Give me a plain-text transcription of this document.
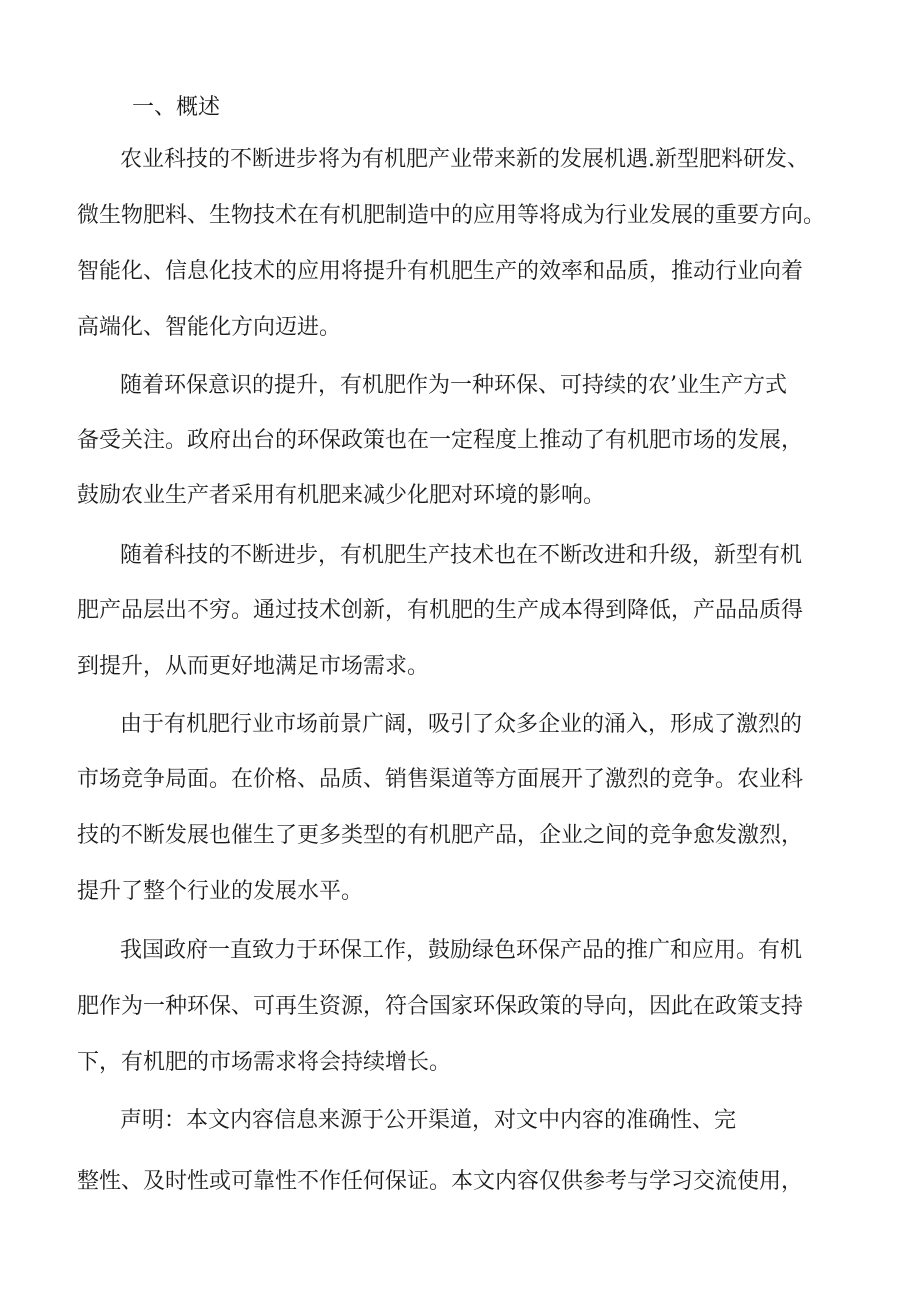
一、概述
农业科技的不断进步将为有机肥产业带来新的发展机遇.新型肥料研发、
微生物肥料、生物技术在有机肥制造中的应用等将成为行业发展的重要方向。
智能化、信息化技术的应用将提升有机肥生产的效率和品质，推动行业向着
高端化、智能化方向迈进。
随着环保意识的提升，有机肥作为一种环保、可持续的农’业生产方式
备受关注。政府出台的环保政策也在一定程度上推动了有机肥市场的发展，
鼓励农业生产者采用有机肥来减少化肥对环境的影响。
随着科技的不断进步，有机肥生产技术也在不断改进和升级，新型有机
肥产品层出不穷。通过技术创新，有机肥的生产成本得到降低，产品品质得
到提升，从而更好地满足市场需求。
由于有机肥行业市场前景广阔，吸引了众多企业的涌入，形成了激烈的
市场竞争局面。在价格、品质、销售渠道等方面展开了激烈的竞争。农业科
技的不断发展也催生了更多类型的有机肥产品，企业之间的竞争愈发激烈，
提升了整个行业的发展水平。
我国政府一直致力于环保工作，鼓励绿色环保产品的推广和应用。有机
肥作为一种环保、可再生资源，符合国家环保政策的导向，因此在政策支持
下，有机肥的市场需求将会持续增长。
声明：本文内容信息来源于公开渠道，对文中内容的准确性、完
整性、及时性或可靠性不作任何保证。本文内容仅供参考与学习交流使用，
